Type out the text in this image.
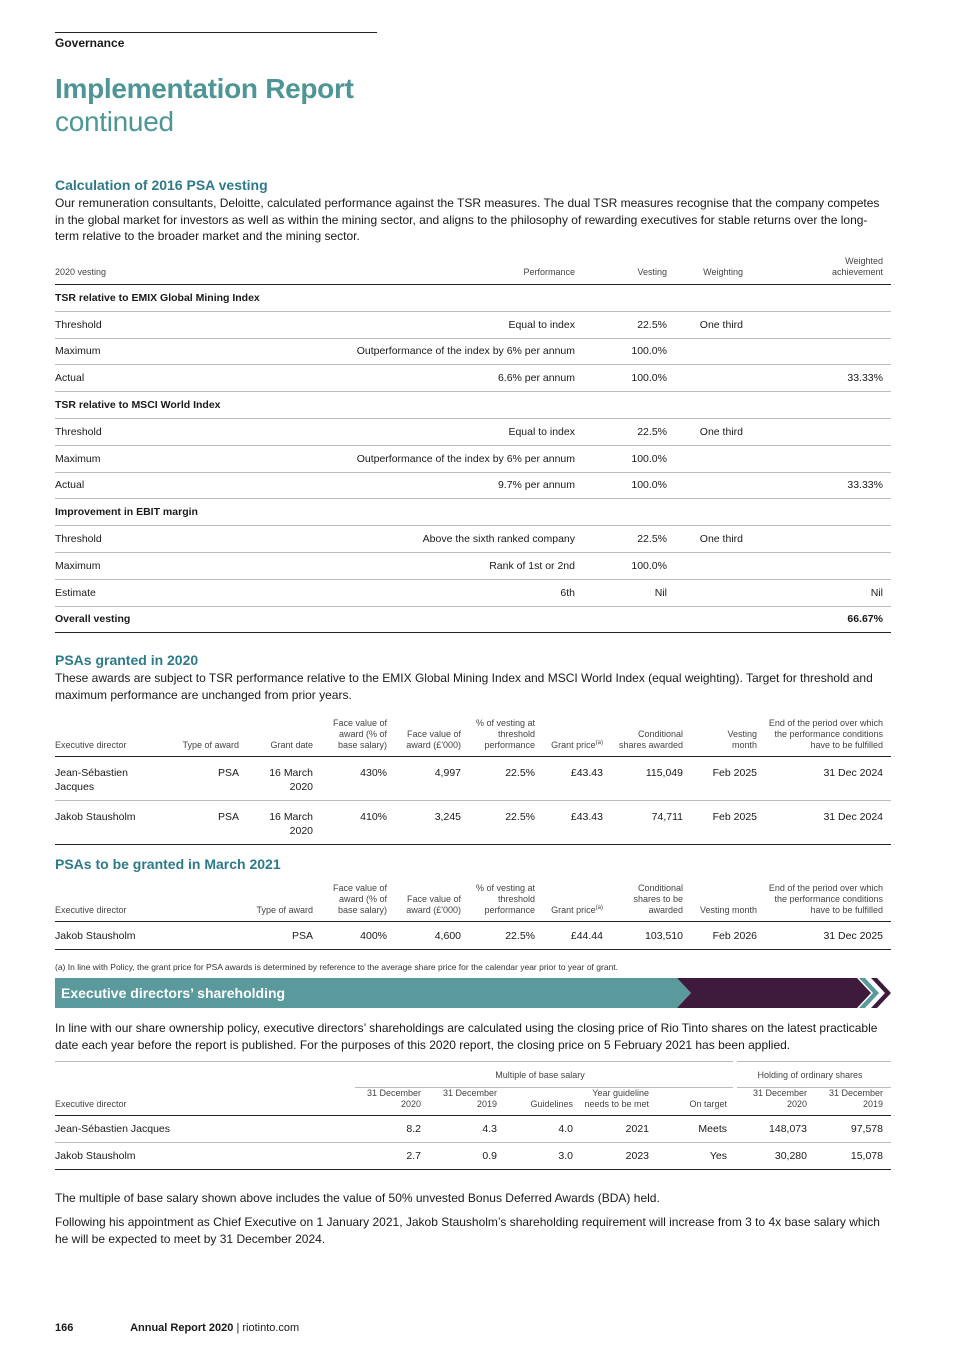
Governance
Implementation Report
continued
Calculation of 2016 PSA vesting
Our remuneration consultants, Deloitte, calculated performance against the TSR measures. The dual TSR measures recognise that the company competes in the global market for investors as well as within the mining sector, and aligns to the philosophy of rewarding executives for stable returns over the long-term relative to the broader market and the mining sector.
2020 vesting	Performance	Vesting	Weighting	Weighted achievement
TSR relative to EMIX Global Mining Index				
Threshold	Equal to index	22.5%	One third	
Maximum	Outperformance of the index by 6% per annum	100.0%		
Actual	6.6% per annum	100.0%		33.33%
TSR relative to MSCI World Index				
Threshold	Equal to index	22.5%	One third	
Maximum	Outperformance of the index by 6% per annum	100.0%		
Actual	9.7% per annum	100.0%		33.33%
Improvement in EBIT margin				
Threshold	Above the sixth ranked company	22.5%	One third	
Maximum	Rank of 1st or 2nd	100.0%		
Estimate	6th	Nil		Nil
Overall vesting				66.67%
PSAs granted in 2020
These awards are subject to TSR performance relative to the EMIX Global Mining Index and MSCI World Index (equal weighting). Target for threshold and maximum performance are unchanged from prior years.
Executive director	Type of award	Grant date	Face value of award (% of base salary)	Face value of award (£'000)	% of vesting at threshold performance	Grant price$^{(a)}$	Conditional shares awarded	Vesting month	End of the period over which the performance conditions have to be fulfilled
Jean-Sébastien Jacques	PSA	16 March 2020	430%	4,997	22.5%	£43.43	115,049	Feb 2025	31 Dec 2024
Jakob Stausholm	PSA	16 March 2020	410%	3,245	22.5%	£43.43	74,711	Feb 2025	31 Dec 2024
PSAs to be granted in March 2021
Executive director	Type of award	Face value of award (% of base salary)	Face value of award (£'000)	% of vesting at threshold performance	Grant price$^{(a)}$	Conditional shares to be awarded	Vesting month	End of the period over which the performance conditions have to be fulfilled
Jakob Stausholm	PSA	400%	4,600	22.5%	£44.44	103,510	Feb 2026	31 Dec 2025
(a) In line with Policy, the grant price for PSA awards is determined by reference to the average share price for the calendar year prior to year of grant.
Executive directors’ shareholding
In line with our share ownership policy, executive directors’ shareholdings are calculated using the closing price of Rio Tinto shares on the latest practicable date each year before the report is published. For the purposes of this 2020 report, the closing price on 5 February 2021 has been applied.
	Multiple of base salary					Holding of ordinary shares	
Executive director	31 December 2020	31 December 2019	Guidelines	Year guideline needs to be met	On target	31 December 2020	31 December 2019
Jean-Sébastien Jacques	8.2	4.3	4.0	2021	Meets	148,073	97,578
Jakob Stausholm	2.7	0.9	3.0	2023	Yes	30,280	15,078
The multiple of base salary shown above includes the value of 50% unvested Bonus Deferred Awards (BDA) held.
Following his appointment as Chief Executive on 1 January 2021, Jakob Stausholm’s shareholding requirement will increase from 3 to 4x base salary which he will be expected to meet by 31 December 2024.
166	Annual Report 2020 | riotinto.com
